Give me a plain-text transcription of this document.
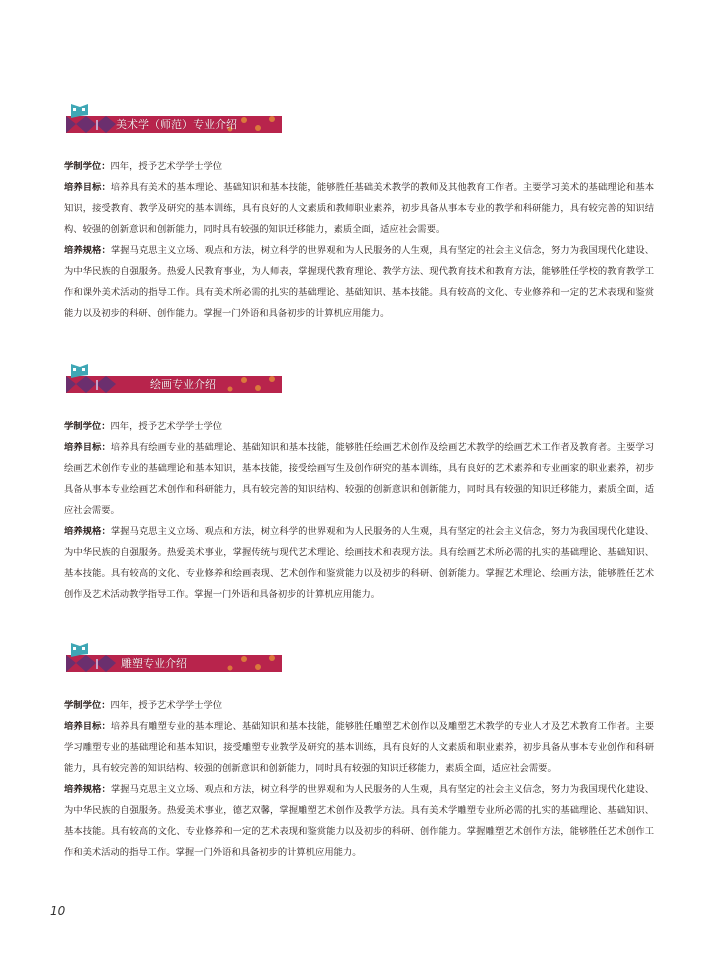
美术学（师范）专业介绍

学制学位：四年，授予艺术学学士学位

培养目标：培养具有美术的基本理论、基础知识和基本技能，能够胜任基础美术教学的教师及其他教育工作者。主要学习美术的基础理论和基本知识，接受教育、教学及研究的基本训练，具有良好的人文素质和教师职业素养，初步具备从事本专业的教学和科研能力，具有较完善的知识结构、较强的创新意识和创新能力，同时具有较强的知识迁移能力，素质全面，适应社会需要。

培养规格：掌握马克思主义立场、观点和方法，树立科学的世界观和为人民服务的人生观，具有坚定的社会主义信念，努力为我国现代化建设、为中华民族的自强服务。热爱人民教育事业，为人师表，掌握现代教育理论、教学方法、现代教育技术和教育方法，能够胜任学校的教育教学工作和课外美术活动的指导工作。具有美术所必需的扎实的基础理论、基础知识、基本技能。具有较高的文化、专业修养和一定的艺术表现和鉴赏能力以及初步的科研、创作能力。掌握一门外语和具备初步的计算机应用能力。

绘画专业介绍

学制学位：四年，授予艺术学学士学位

培养目标：培养具有绘画专业的基础理论、基础知识和基本技能，能够胜任绘画艺术创作及绘画艺术教学的绘画艺术工作者及教育者。主要学习绘画艺术创作专业的基础理论和基本知识，基本技能，接受绘画写生及创作研究的基本训练，具有良好的艺术素养和专业画家的职业素养，初步具备从事本专业绘画艺术创作和科研能力，具有较完善的知识结构、较强的创新意识和创新能力，同时具有较强的知识迁移能力，素质全面，适应社会需要。

培养规格：掌握马克思主义立场、观点和方法，树立科学的世界观和为人民服务的人生观，具有坚定的社会主义信念，努力为我国现代化建设、为中华民族的自强服务。热爱美术事业，掌握传统与现代艺术理论、绘画技术和表现方法。具有绘画艺术所必需的扎实的基础理论、基础知识、基本技能。具有较高的文化、专业修养和绘画表现、艺术创作和鉴赏能力以及初步的科研、创新能力。掌握艺术理论、绘画方法，能够胜任艺术创作及艺术活动教学指导工作。掌握一门外语和具备初步的计算机应用能力。

雕塑专业介绍

学制学位：四年，授予艺术学学士学位

培养目标：培养具有雕塑专业的基本理论、基础知识和基本技能，能够胜任雕塑艺术创作以及雕塑艺术教学的专业人才及艺术教育工作者。主要学习雕塑专业的基础理论和基本知识，接受雕塑专业教学及研究的基本训练，具有良好的人文素质和职业素养，初步具备从事本专业创作和科研能力，具有较完善的知识结构、较强的创新意识和创新能力，同时具有较强的知识迁移能力，素质全面，适应社会需要。

培养规格：掌握马克思主义立场、观点和方法，树立科学的世界观和为人民服务的人生观，具有坚定的社会主义信念，努力为我国现代化建设、为中华民族的自强服务。热爱美术事业，德艺双馨，掌握雕塑艺术创作及教学方法。具有美术学雕塑专业所必需的扎实的基础理论、基础知识、基本技能。具有较高的文化、专业修养和一定的艺术表现和鉴赏能力以及初步的科研、创作能力。掌握雕塑艺术创作方法，能够胜任艺术创作工作和美术活动的指导工作。掌握一门外语和具备初步的计算机应用能力。

10
